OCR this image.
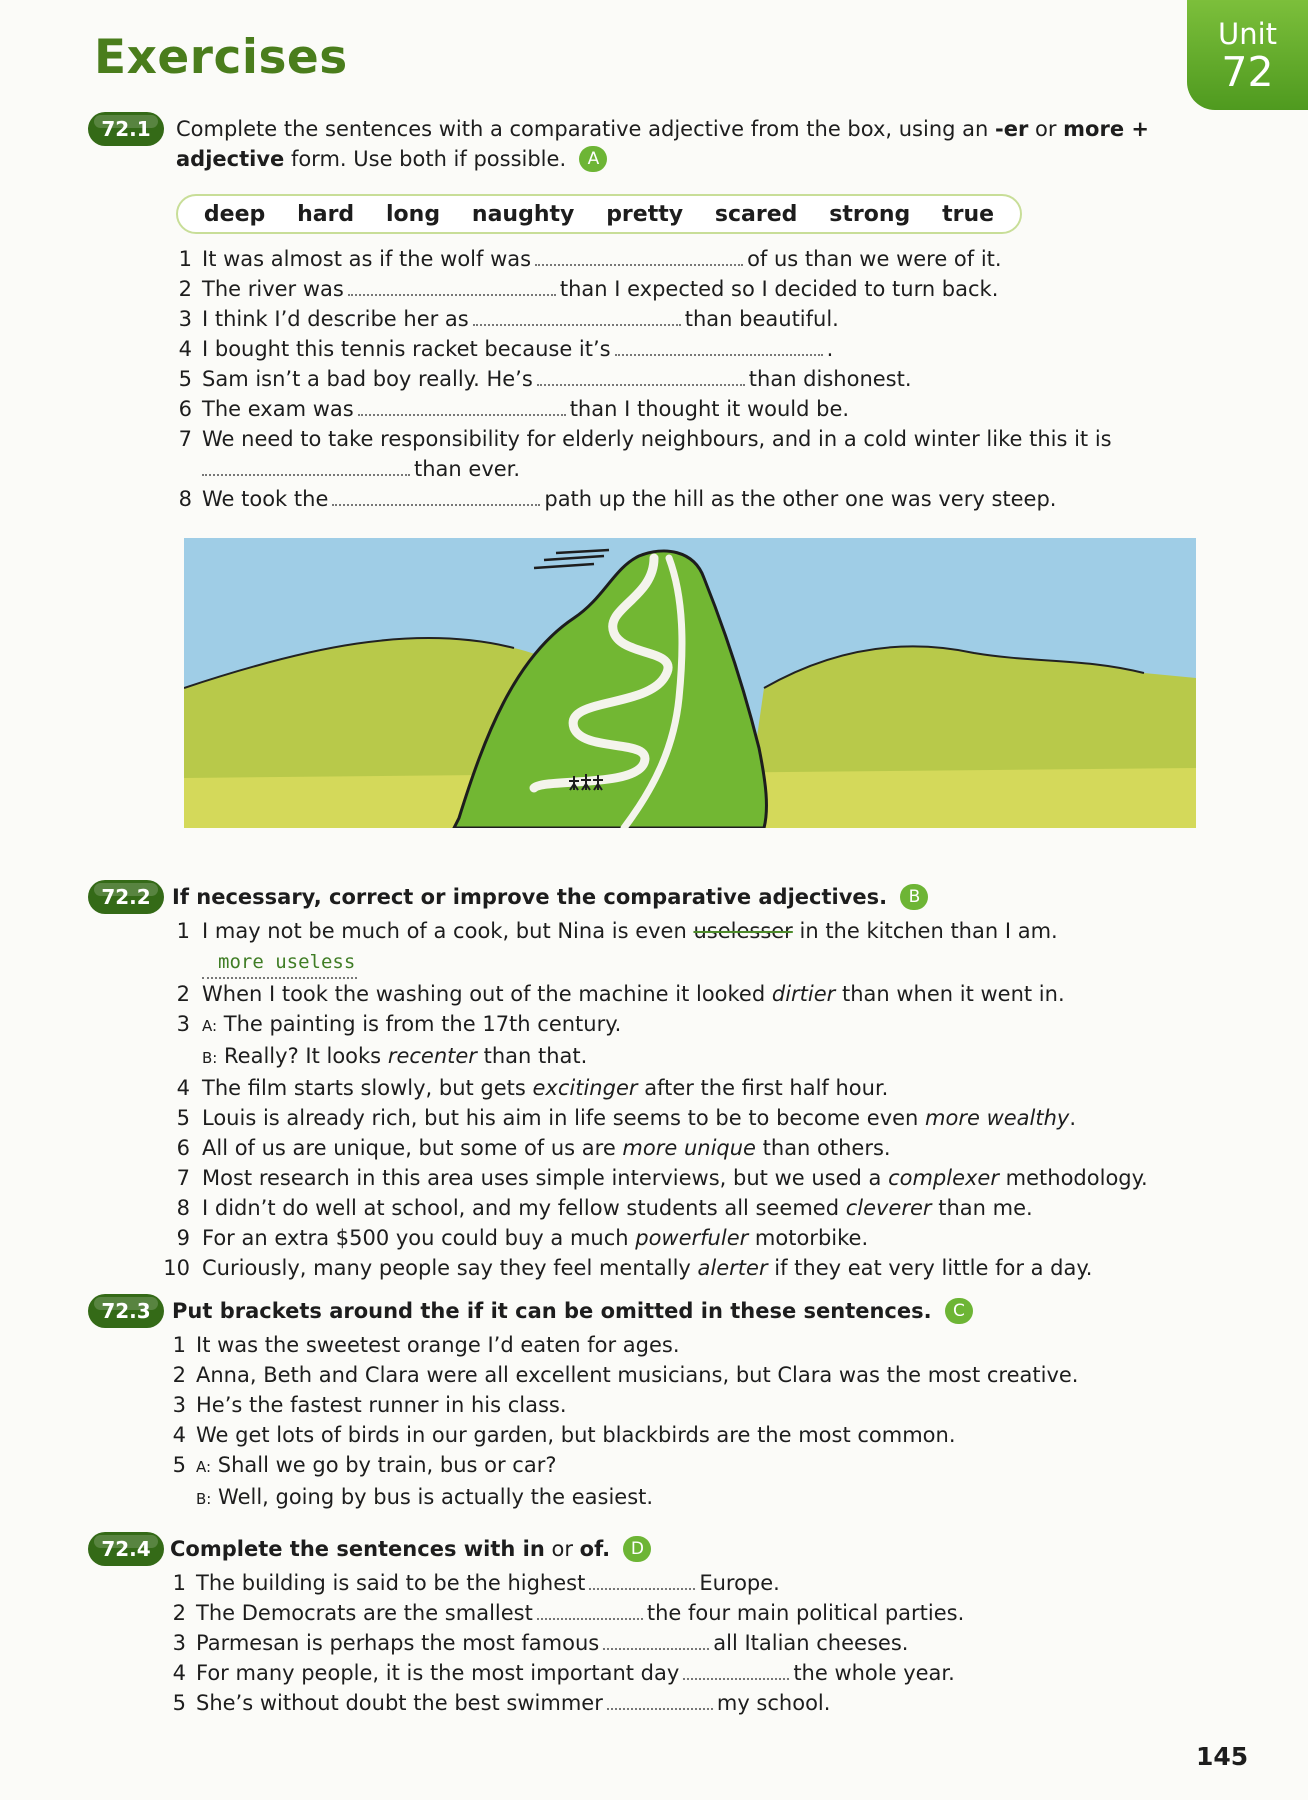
Exercises	Unit
72
72.1	Complete the sentences with a comparative adjective from the box, using an -er or more +
adjective form. Use both if possible. A
deep hard long naughty pretty scared strong true
1 It was almost as if the wolf was	of us than we were of it.
2 The river was	than I expected so I decided to turn back.
3 I think I’d describe her as	than beautiful.
4 I bought this tennis racket because it’s	.
5 Sam isn’t a bad boy really. He’s	than dishonest.
6 The exam was	than I thought it would be.
7 We need to take responsibility for elderly neighbours, and in a cold winter like this it is
than ever.
8 We took the	path up the hill as the other one was very steep.
72.2	If necessary, correct or improve the comparative adjectives. B
1 I may not be much of a cook, but Nina is even uselesser in the kitchen than I am.
more useless
2 When I took the washing out of the machine it looked dirtier than when it went in.
3 A: The painting is from the 17th century.
B: Really? It looks recenter than that.
4 The film starts slowly, but gets excitinger after the first half hour.
5 Louis is already rich, but his aim in life seems to be to become even more wealthy.
6 All of us are unique, but some of us are more unique than others.
7 Most research in this area uses simple interviews, but we used a complexer methodology.
8 I didn’t do well at school, and my fellow students all seemed cleverer than me.
9 For an extra $500 you could buy a much powerfuler motorbike.
10 Curiously, many people say they feel mentally alerter if they eat very little for a day.
72.3	Put brackets around the if it can be omitted in these sentences. C
1 It was the sweetest orange I’d eaten for ages.
2 Anna, Beth and Clara were all excellent musicians, but Clara was the most creative.
3 He’s the fastest runner in his class.
4 We get lots of birds in our garden, but blackbirds are the most common.
5 A: Shall we go by train, bus or car?
B: Well, going by bus is actually the easiest.
72.4 Complete the sentences with in or of. D
1 The building is said to be the highest	Europe.
2 The Democrats are the smallest	the four main political parties.
3 Parmesan is perhaps the most famous	all Italian cheeses.
4 For many people, it is the most important day	the whole year.
5 She’s without doubt the best swimmer	my school.
145
